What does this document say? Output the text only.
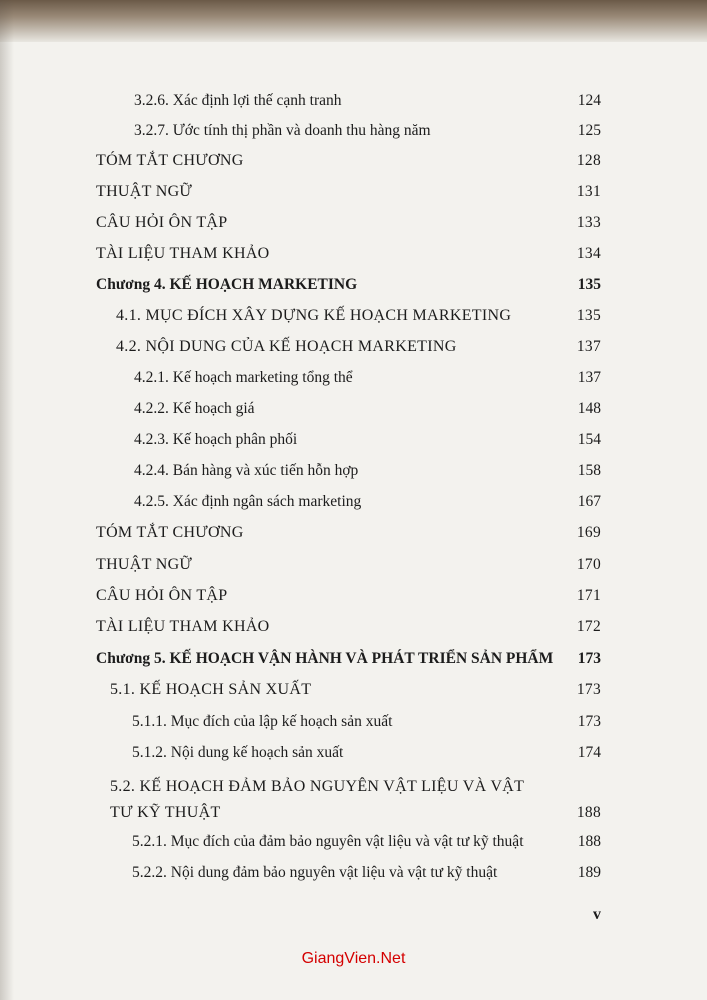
3.2.6. Xác định lợi thế cạnh tranh	124
3.2.7. Ước tính thị phần và doanh thu hàng năm	125
TÓM TẮT CHƯƠNG	128
THUẬT NGỮ	131
CÂU HỎI ÔN TẬP	133
TÀI LIỆU THAM KHẢO	134
Chương 4. KẾ HOẠCH MARKETING	135
4.1. MỤC ĐÍCH XÂY DỰNG KẾ HOẠCH MARKETING	135
4.2. NỘI DUNG CỦA KẾ HOẠCH MARKETING	137
4.2.1. Kế hoạch marketing tổng thể	137
4.2.2. Kế hoạch giá	148
4.2.3. Kế hoạch phân phối	154
4.2.4. Bán hàng và xúc tiến hỗn hợp	158
4.2.5. Xác định ngân sách marketing	167
TÓM TẮT CHƯƠNG	169
THUẬT NGỮ	170
CÂU HỎI ÔN TẬP	171
TÀI LIỆU THAM KHẢO	172
Chương 5. KẾ HOẠCH VẬN HÀNH VÀ PHÁT TRIỂN SẢN PHẨM 173
5.1. KẾ HOẠCH SẢN XUẤT	173
5.1.1. Mục đích của lập kế hoạch sản xuất	173
5.1.2. Nội dung kế hoạch sản xuất	174
5.2. KẾ HOẠCH ĐẢM BẢO NGUYÊN VẬT LIỆU VÀ VẬT TƯ KỸ THUẬT	188
5.2.1. Mục đích của đảm bảo nguyên vật liệu và vật tư kỹ thuật	188
5.2.2. Nội dung đảm bảo nguyên vật liệu và vật tư kỹ thuật	189
v
GiangVien.Net
